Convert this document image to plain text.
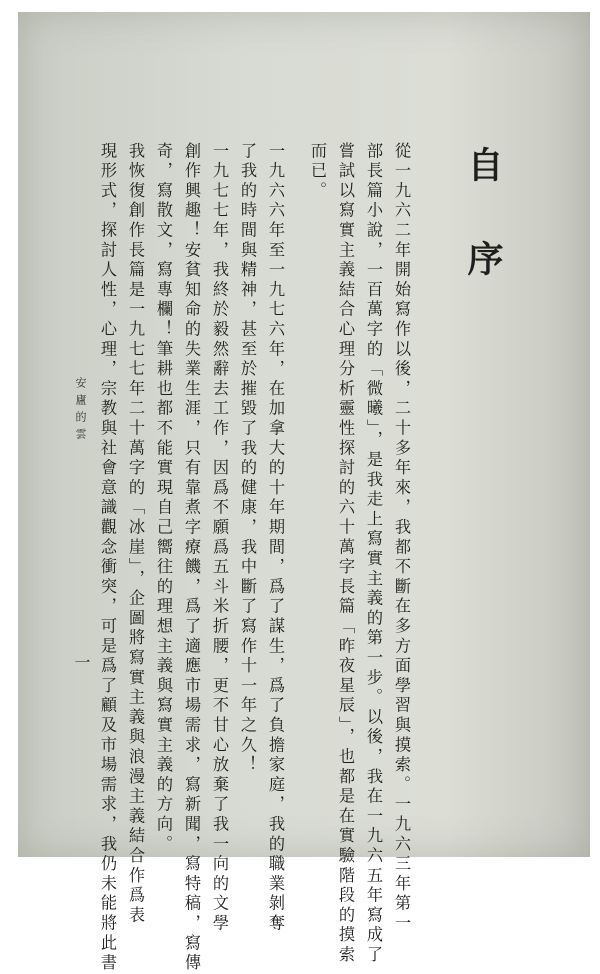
自序
從一九六二年開始寫作以後，二十多年來，我都不斷在多方面學習與摸索。一九六三年第一
部長篇小說，一百萬字的「微曦」，是我走上寫實主義的第一步。以後，我在一九六五年寫成了
嘗試以寫實主義結合心理分析靈性探討的六十萬字長篇「昨夜星辰」，也都是在實驗階段的摸索
而已。
一九六六年至一九七六年，在加拿大的十年期間，爲了謀生，爲了負擔家庭，我的職業剝奪
了我的時間與精神，甚至於摧毀了我的健康，我中斷了寫作十一年之久！
一九七七年，我終於毅然辭去工作，因爲不願爲五斗米折腰，更不甘心放棄了我一向的文學
創作興趣！安貧知命的失業生涯，只有靠煮字療饑，爲了適應市場需求，寫新聞，寫特稿，寫傳
奇，寫散文，寫專欄！筆耕也都不能實現自己嚮往的理想主義與寫實主義的方向。
我恢復創作長篇是一九七七年二十萬字的「冰崖」，企圖將寫實主義與浪漫主義結合作爲表
現形式，探討人性，心理，宗教與社會意識觀念衝突，可是爲了顧及市場需求，我仍未能將此書
安廬的雲
一
